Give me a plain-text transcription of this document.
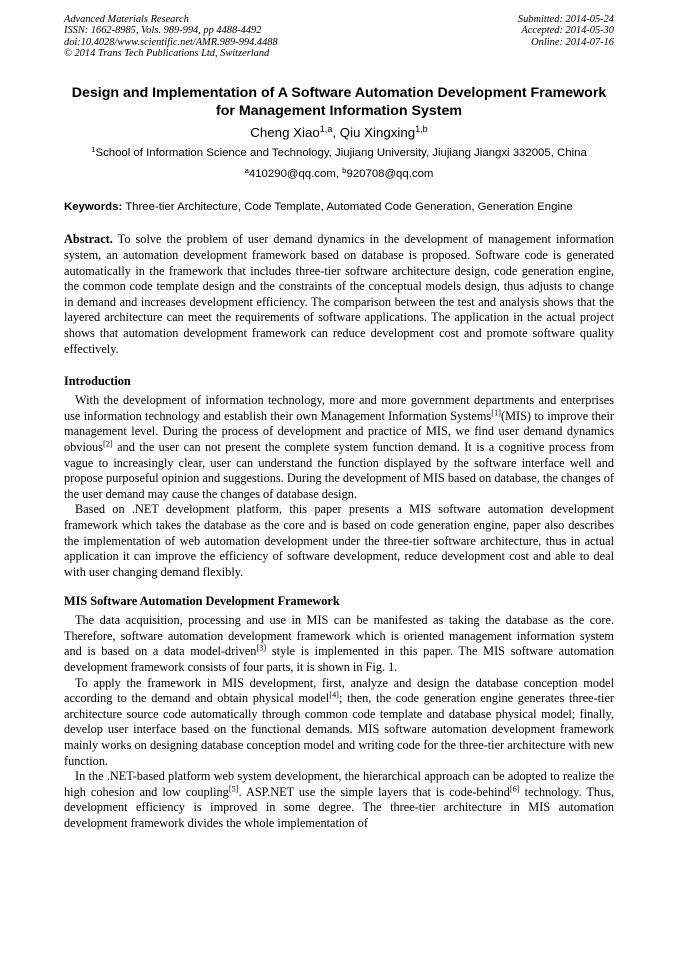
Advanced Materials Research
ISSN: 1662-8985, Vols. 989-994, pp 4488-4492
doi:10.4028/www.scientific.net/AMR.989-994.4488
© 2014 Trans Tech Publications Ltd, Switzerland
Submitted: 2014-05-24
Accepted: 2014-05-30
Online: 2014-07-16
Design and Implementation of A Software Automation Development Framework for Management Information System
Cheng Xiao$^{1,a}$, Qiu Xingxing$^{1,b}$
$^1$School of Information Science and Technology, Jiujiang University, Jiujiang Jiangxi 332005, China
$^a$410290@qq.com, $^b$920708@qq.com
Keywords: Three-tier Architecture, Code Template, Automated Code Generation, Generation Engine
Abstract. To solve the problem of user demand dynamics in the development of management information system, an automation development framework based on database is proposed. Software code is generated automatically in the framework that includes three-tier software architecture design, code generation engine, the common code template design and the constraints of the conceptual models design, thus adjusts to change in demand and increases development efficiency. The comparison between the test and analysis shows that the layered architecture can meet the requirements of software applications. The application in the actual project shows that automation development framework can reduce development cost and promote software quality effectively.
Introduction

With the development of information technology, more and more government departments and enterprises use information technology and establish their own Management Information Systems[1](MIS) to improve their management level. During the process of development and practice of MIS, we find user demand dynamics obvious[2] and the user can not present the complete system function demand. It is a cognitive process from vague to increasingly clear, user can understand the function displayed by the software interface well and propose purposeful opinion and suggestions. During the development of MIS based on database, the changes of the user demand may cause the changes of database design.

Based on .NET development platform, this paper presents a MIS software automation development framework which takes the database as the core and is based on code generation engine, paper also describes the implementation of web automation development under the three-tier software architecture, thus in actual application it can improve the efficiency of software development, reduce development cost and able to deal with user changing demand flexibly.

MIS Software Automation Development Framework

The data acquisition, processing and use in MIS can be manifested as taking the database as the core. Therefore, software automation development framework which is oriented management information system and is based on a data model-driven[3] style is implemented in this paper. The MIS software automation development framework consists of four parts, it is shown in Fig. 1.

To apply the framework in MIS development, first, analyze and design the database conception model according to the demand and obtain physical model[4]; then, the code generation engine generates three-tier architecture source code automatically through common code template and database physical model; finally, develop user interface based on the functional demands. MIS software automation development framework mainly works on designing database conception model and writing code for the three-tier architecture with new function.

In the .NET-based platform web system development, the hierarchical approach can be adopted to realize the high cohesion and low coupling[5]. ASP.NET use the simple layers that is code-behind[6] technology. Thus, development efficiency is improved in some degree. The three-tier architecture in MIS automation development framework divides the whole implementation of
